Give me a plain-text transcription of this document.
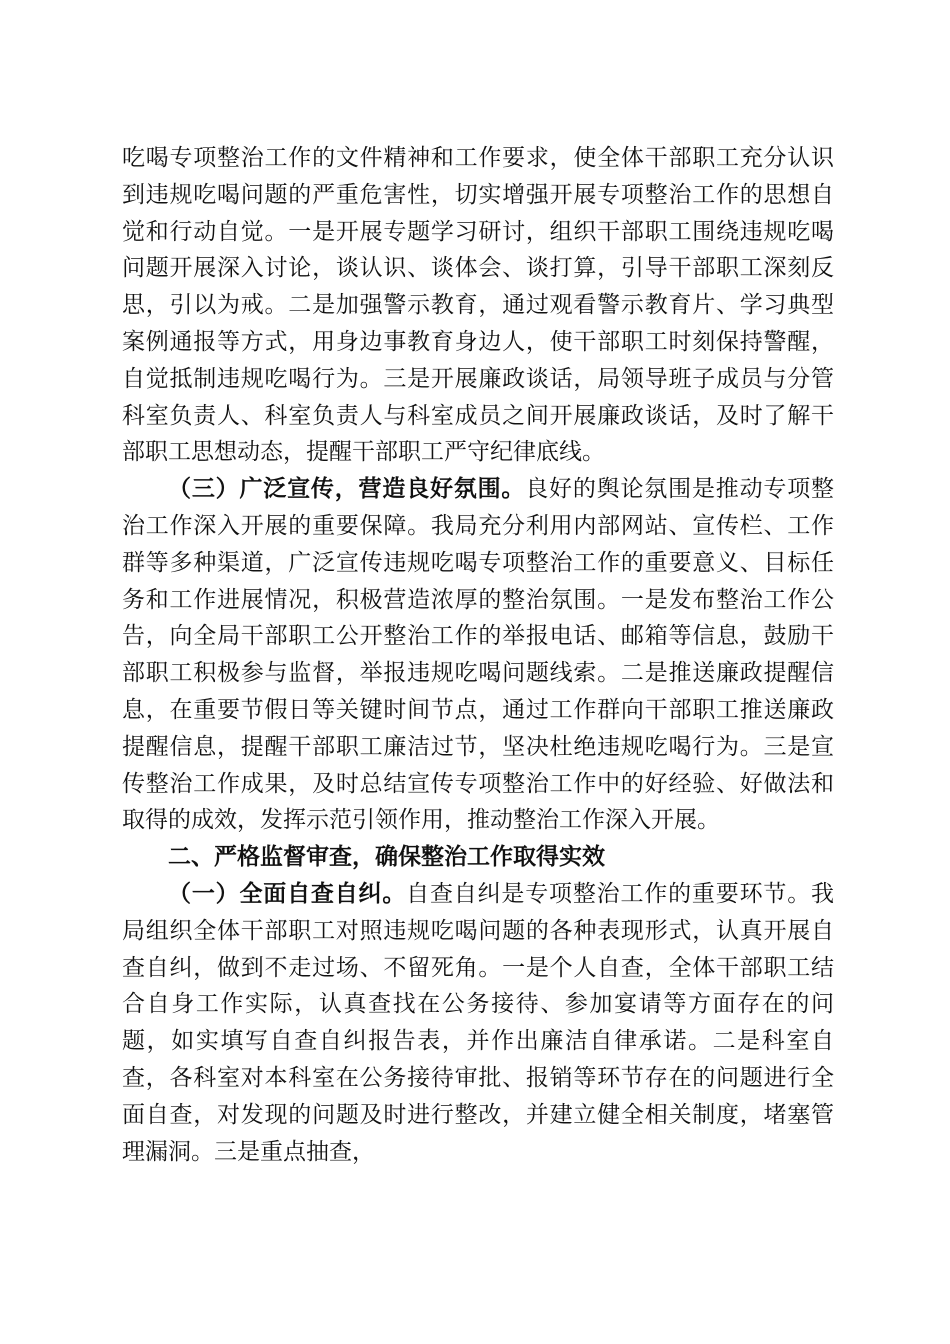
吃喝专项整治工作的文件精神和工作要求，使全体干部职工充分认识到违规吃喝问题的严重危害性，切实增强开展专项整治工作的思想自觉和行动自觉。一是开展专题学习研讨，组织干部职工围绕违规吃喝问题开展深入讨论，谈认识、谈体会、谈打算，引导干部职工深刻反思，引以为戒。二是加强警示教育，通过观看警示教育片、学习典型案例通报等方式，用身边事教育身边人，使干部职工时刻保持警醒，自觉抵制违规吃喝行为。三是开展廉政谈话，局领导班子成员与分管科室负责人、科室负责人与科室成员之间开展廉政谈话，及时了解干部职工思想动态，提醒干部职工严守纪律底线。

（三）广泛宣传，营造良好氛围。良好的舆论氛围是推动专项整治工作深入开展的重要保障。我局充分利用内部网站、宣传栏、工作群等多种渠道，广泛宣传违规吃喝专项整治工作的重要意义、目标任务和工作进展情况，积极营造浓厚的整治氛围。一是发布整治工作公告，向全局干部职工公开整治工作的举报电话、邮箱等信息，鼓励干部职工积极参与监督，举报违规吃喝问题线索。二是推送廉政提醒信息，在重要节假日等关键时间节点，通过工作群向干部职工推送廉政提醒信息，提醒干部职工廉洁过节，坚决杜绝违规吃喝行为。三是宣传整治工作成果，及时总结宣传专项整治工作中的好经验、好做法和取得的成效，发挥示范引领作用，推动整治工作深入开展。

二、严格监督审查，确保整治工作取得实效

（一）全面自查自纠。自查自纠是专项整治工作的重要环节。我局组织全体干部职工对照违规吃喝问题的各种表现形式，认真开展自查自纠，做到不走过场、不留死角。一是个人自查，全体干部职工结合自身工作实际，认真查找在公务接待、参加宴请等方面存在的问题，如实填写自查自纠报告表，并作出廉洁自律承诺。二是科室自查，各科室对本科室在公务接待审批、报销等环节存在的问题进行全面自查，对发现的问题及时进行整改，并建立健全相关制度，堵塞管理漏洞。三是重点抽查，
